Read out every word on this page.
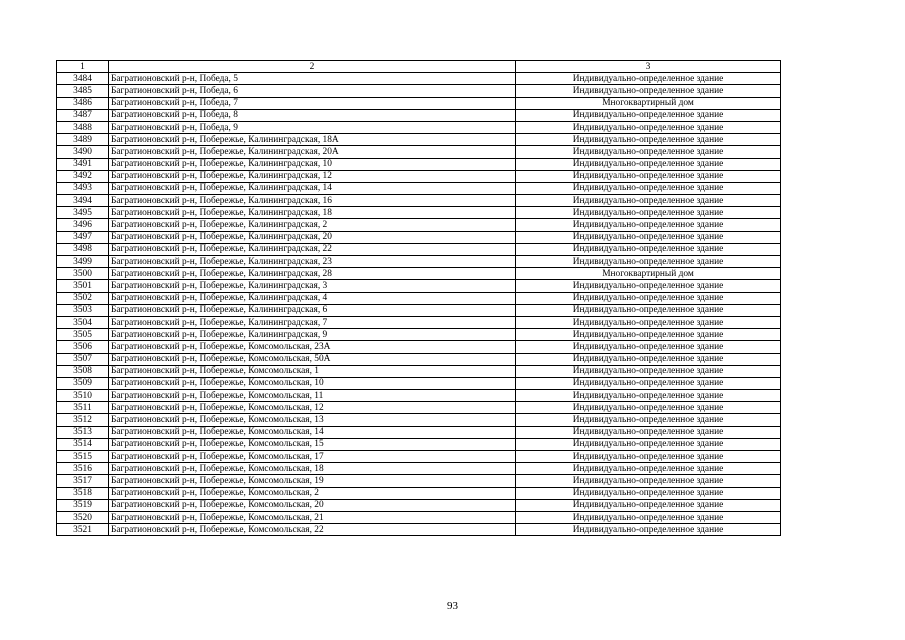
1	2	3
3484	Багратионовский р-н, Победа, 5	Индивидуально-определенное здание
3485	Багратионовский р-н, Победа, 6	Индивидуально-определенное здание
3486	Багратионовский р-н, Победа, 7	Многоквартирный дом
3487	Багратионовский р-н, Победа, 8	Индивидуально-определенное здание
3488	Багратионовский р-н, Победа, 9	Индивидуально-определенное здание
3489	Багратионовский р-н, Побережье, Калининградская, 18А	Индивидуально-определенное здание
3490	Багратионовский р-н, Побережье, Калининградская, 20А	Индивидуально-определенное здание
3491	Багратионовский р-н, Побережье, Калининградская, 10	Индивидуально-определенное здание
3492	Багратионовский р-н, Побережье, Калининградская, 12	Индивидуально-определенное здание
3493	Багратионовский р-н, Побережье, Калининградская, 14	Индивидуально-определенное здание
3494	Багратионовский р-н, Побережье, Калининградская, 16	Индивидуально-определенное здание
3495	Багратионовский р-н, Побережье, Калининградская, 18	Индивидуально-определенное здание
3496	Багратионовский р-н, Побережье, Калининградская, 2	Индивидуально-определенное здание
3497	Багратионовский р-н, Побережье, Калининградская, 20	Индивидуально-определенное здание
3498	Багратионовский р-н, Побережье, Калининградская, 22	Индивидуально-определенное здание
3499	Багратионовский р-н, Побережье, Калининградская, 23	Индивидуально-определенное здание
3500	Багратионовский р-н, Побережье, Калининградская, 28	Многоквартирный дом
3501	Багратионовский р-н, Побережье, Калининградская, 3	Индивидуально-определенное здание
3502	Багратионовский р-н, Побережье, Калининградская, 4	Индивидуально-определенное здание
3503	Багратионовский р-н, Побережье, Калининградская, 6	Индивидуально-определенное здание
3504	Багратионовский р-н, Побережье, Калининградская, 7	Индивидуально-определенное здание
3505	Багратионовский р-н, Побережье, Калининградская, 9	Индивидуально-определенное здание
3506	Багратионовский р-н, Побережье, Комсомольская, 23А	Индивидуально-определенное здание
3507	Багратионовский р-н, Побережье, Комсомольская, 50А	Индивидуально-определенное здание
3508	Багратионовский р-н, Побережье, Комсомольская, 1	Индивидуально-определенное здание
3509	Багратионовский р-н, Побережье, Комсомольская, 10	Индивидуально-определенное здание
3510	Багратионовский р-н, Побережье, Комсомольская, 11	Индивидуально-определенное здание
3511	Багратионовский р-н, Побережье, Комсомольская, 12	Индивидуально-определенное здание
3512	Багратионовский р-н, Побережье, Комсомольская, 13	Индивидуально-определенное здание
3513	Багратионовский р-н, Побережье, Комсомольская, 14	Индивидуально-определенное здание
3514	Багратионовский р-н, Побережье, Комсомольская, 15	Индивидуально-определенное здание
3515	Багратионовский р-н, Побережье, Комсомольская, 17	Индивидуально-определенное здание
3516	Багратионовский р-н, Побережье, Комсомольская, 18	Индивидуально-определенное здание
3517	Багратионовский р-н, Побережье, Комсомольская, 19	Индивидуально-определенное здание
3518	Багратионовский р-н, Побережье, Комсомольская, 2	Индивидуально-определенное здание
3519	Багратионовский р-н, Побережье, Комсомольская, 20	Индивидуально-определенное здание
3520	Багратионовский р-н, Побережье, Комсомольская, 21	Индивидуально-определенное здание
3521	Багратионовский р-н, Побережье, Комсомольская, 22	Индивидуально-определенное здание
93
